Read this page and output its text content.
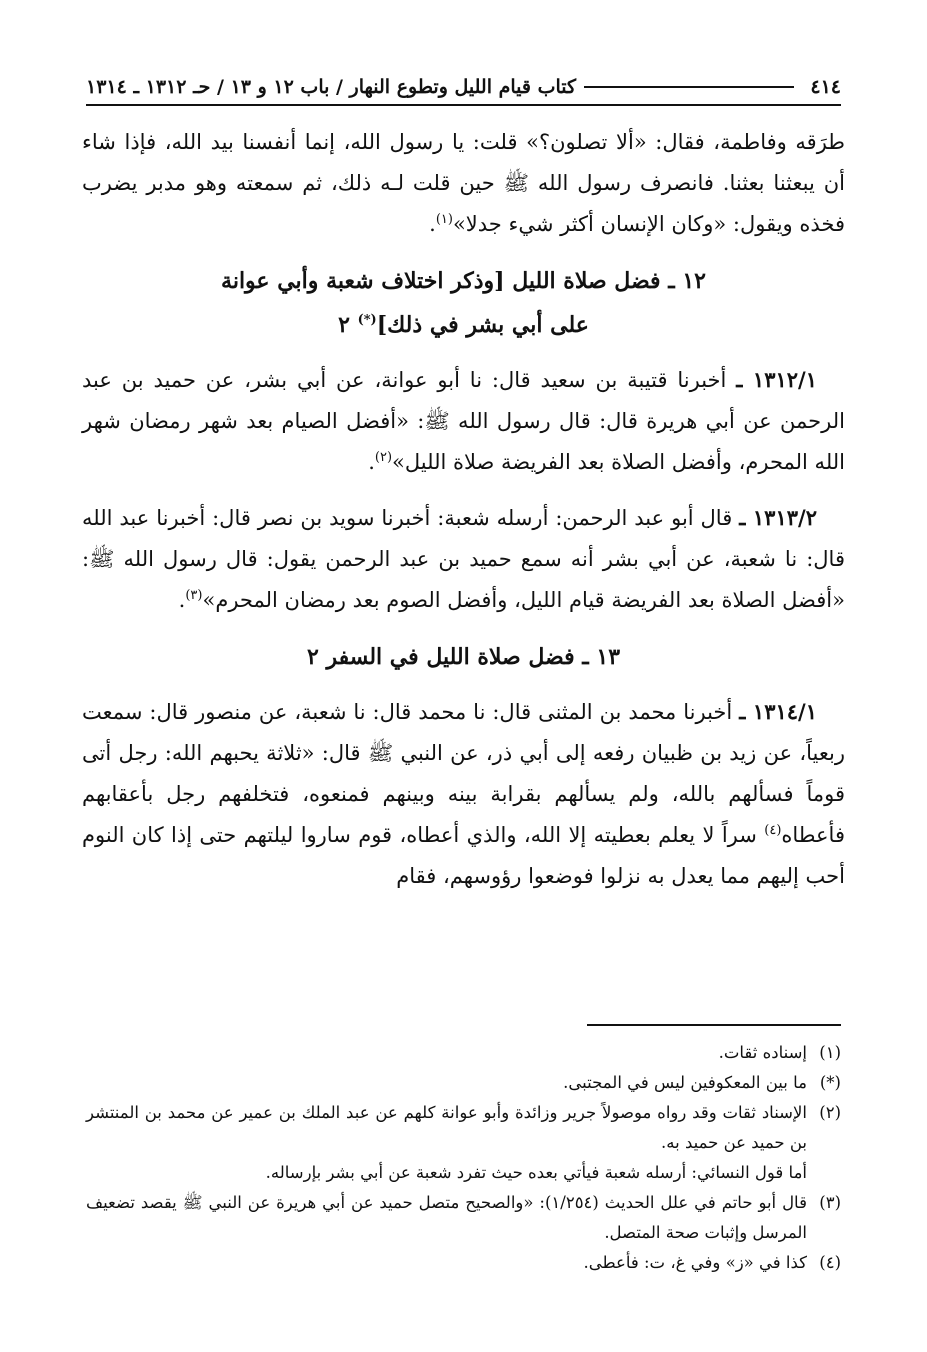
٤١٤
كتاب قيام الليل وتطوع النهار / باب ١٢ و ١٣ / حـ ١٣١٢ ـ ١٣١٤

طرَقه وفاطمة، فقال: «ألا تصلون؟» قلت: يا رسول الله، إنما أنفسنا بيد الله، فإذا شاء أن يبعثنا بعثنا. فانصرف رسول الله ﷺ حين قلت لـه ذلك، ثم سمعته وهو مدبر يضرب فخذه ويقول: «وكان الإنسان أكثر شيء جدلا»$^{(١)}$.

١٢ ـ فضل صلاة الليل [وذكر اختلاف شعبة وأبي عوانة
على أبي بشر في ذلك](*) ٢

١٣١٢/١ ـ أخبرنا قتيبة بن سعيد قال: نا أبو عوانة، عن أبي بشر، عن حميد بن عبد الرحمن عن أبي هريرة قال: قال رسول الله ﷺ: «أفضل الصيام بعد شهر رمضان شهر الله المحرم، وأفضل الصلاة بعد الفريضة صلاة الليل»$^{(٢)}$.

١٣١٣/٢ ـ قال أبو عبد الرحمن: أرسله شعبة: أخبرنا سويد بن نصر قال: أخبرنا عبد الله قال: نا شعبة، عن أبي بشر أنه سمع حميد بن عبد الرحمن يقول: قال رسول الله ﷺ: «أفضل الصلاة بعد الفريضة قيام الليل، وأفضل الصوم بعد رمضان المحرم»$^{(٣)}$.

١٣ ـ فضل صلاة الليل في السفر ٢

١٣١٤/١ ـ أخبرنا محمد بن المثنى قال: نا محمد قال: نا شعبة، عن منصور قال: سمعت ربعياً، عن زيد بن ظبيان رفعه إلى أبي ذر، عن النبي ﷺ قال: «ثلاثة يحبهم الله: رجل أتى قوماً فسألهم بالله، ولم يسألهم بقرابة بينه وبينهم فمنعوه، فتخلفهم رجل بأعقابهم فأعطاه$^{(٤)}$ سراً لا يعلم بعطيته إلا الله، والذي أعطاه، قوم ساروا ليلتهم حتى إذا كان النوم أحب إليهم مما يعدل به نزلوا فوضعوا رؤوسهم، فقام

(١)
إسناده ثقات.
(*)
ما بين المعكوفين ليس في المجتبى.
(٢)
الإسناد ثقات وقد رواه موصولاً جرير وزائدة وأبو عوانة كلهم عن عبد الملك بن عمير عن محمد بن المنتشر بن حميد عن حميد به.
أما قول النسائي: أرسله شعبة فيأتي بعده حيث تفرد شعبة عن أبي بشر بإرساله.
(٣)
قال أبو حاتم في علل الحديث (١/٢٥٤): «والصحيح متصل حميد عن أبي هريرة عن النبي ﷺ يقصد تضعيف المرسل وإثبات صحة المتصل.
(٤)
كذا في «ز» وفي غ، ت: فأعطى.
